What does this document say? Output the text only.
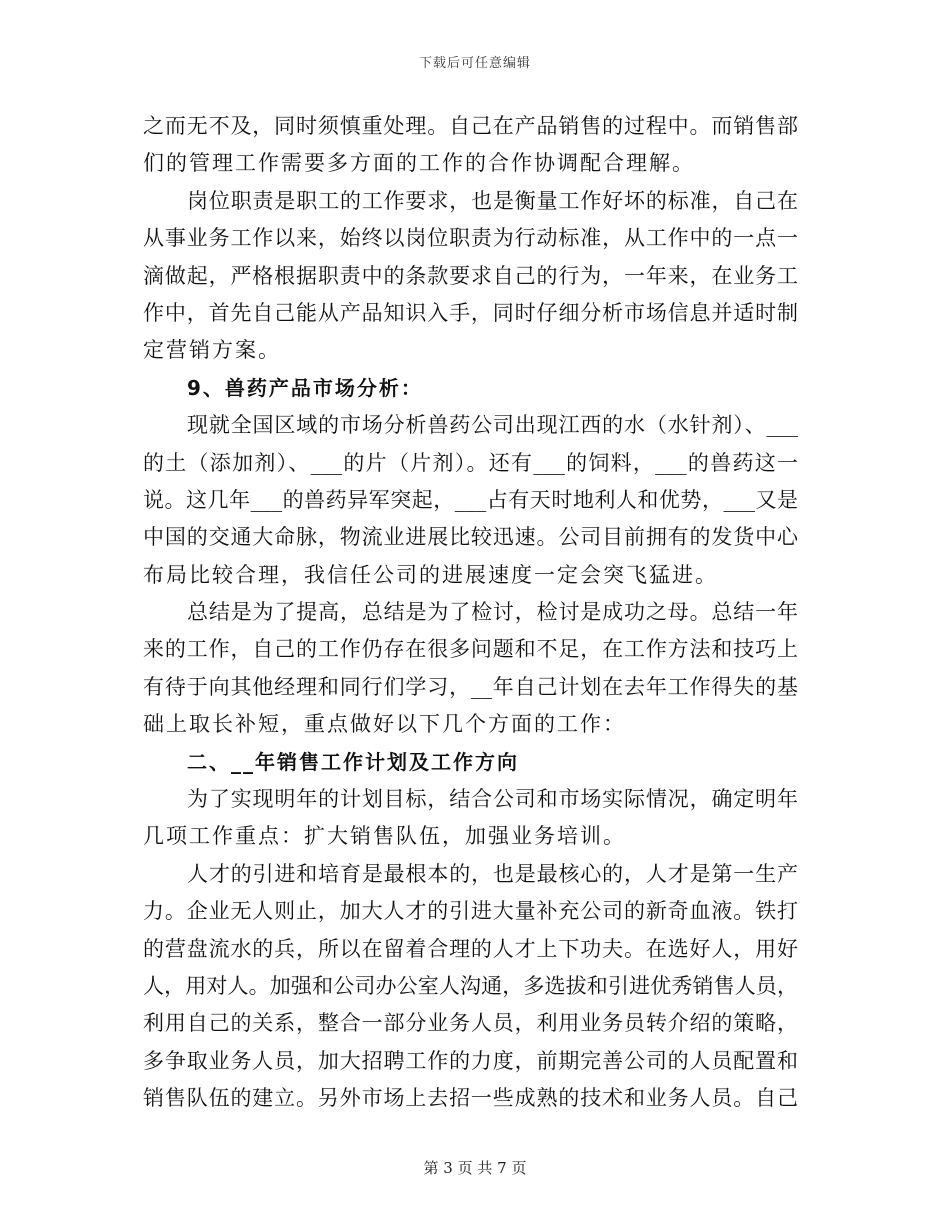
下载后可任意编辑
之而无不及，同时须慎重处理。自己在产品销售的过程中。而销售部
们的管理工作需要多方面的工作的合作协调配合理解。
岗位职责是职工的工作要求，也是衡量工作好坏的标准，自己在
从事业务工作以来，始终以岗位职责为行动标准，从工作中的一点一
滴做起，严格根据职责中的条款要求自己的行为，一年来，在业务工
作中，首先自己能从产品知识入手，同时仔细分析市场信息并适时制
定营销方案。
9、兽药产品市场分析：
现就全国区域的市场分析兽药公司出现江西的水（水针剂）、___
的土（添加剂）、___的片（片剂）。还有___的饲料，___的兽药这一
说。这几年___的兽药异军突起，___占有天时地利人和优势，___又是
中国的交通大命脉，物流业进展比较迅速。公司目前拥有的发货中心
布局比较合理，我信任公司的进展速度一定会突飞猛进。
总结是为了提高，总结是为了检讨，检讨是成功之母。总结一年
来的工作，自己的工作仍存在很多问题和不足，在工作方法和技巧上
有待于向其他经理和同行们学习，__年自己计划在去年工作得失的基
础上取长补短，重点做好以下几个方面的工作：
二、__年销售工作计划及工作方向
为了实现明年的计划目标，结合公司和市场实际情况，确定明年
几项工作重点：扩大销售队伍，加强业务培训。
人才的引进和培育是最根本的，也是最核心的，人才是第一生产
力。企业无人则止，加大人才的引进大量补充公司的新奇血液。铁打
的营盘流水的兵，所以在留着合理的人才上下功夫。在选好人，用好
人，用对人。加强和公司办公室人沟通，多选拔和引进优秀销售人员，
利用自己的关系，整合一部分业务人员，利用业务员转介绍的策略，
多争取业务人员，加大招聘工作的力度，前期完善公司的人员配置和
销售队伍的建立。另外市场上去招一些成熟的技术和业务人员。自己
第 3 页 共 7 页
